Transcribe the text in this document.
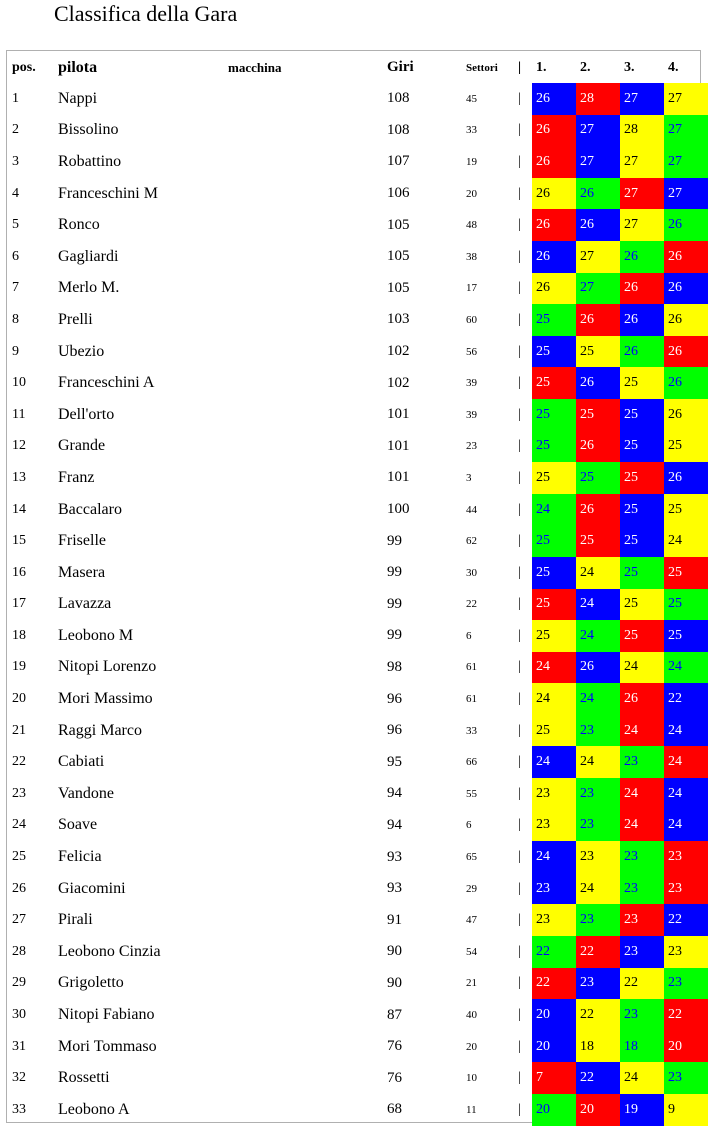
Classifica della Gara
pos.	pilota	macchina	Giri	Settori	|	1.	2.	3.	4.
1	Nappi		108	45	|	26	28	27	27
2	Bissolino		108	33	|	26	27	28	27
3	Robattino		107	19	|	26	27	27	27
4	Franceschini M		106	20	|	26	26	27	27
5	Ronco		105	48	|	26	26	27	26
6	Gagliardi		105	38	|	26	27	26	26
7	Merlo M.		105	17	|	26	27	26	26
8	Prelli		103	60	|	25	26	26	26
9	Ubezio		102	56	|	25	25	26	26
10	Franceschini A		102	39	|	25	26	25	26
11	Dell'orto		101	39	|	25	25	25	26
12	Grande		101	23	|	25	26	25	25
13	Franz		101	3	|	25	25	25	26
14	Baccalaro		100	44	|	24	26	25	25
15	Friselle		99	62	|	25	25	25	24
16	Masera		99	30	|	25	24	25	25
17	Lavazza		99	22	|	25	24	25	25
18	Leobono M		99	6	|	25	24	25	25
19	Nitopi Lorenzo		98	61	|	24	26	24	24
20	Mori Massimo		96	61	|	24	24	26	22
21	Raggi Marco		96	33	|	25	23	24	24
22	Cabiati		95	66	|	24	24	23	24
23	Vandone		94	55	|	23	23	24	24
24	Soave		94	6	|	23	23	24	24
25	Felicia		93	65	|	24	23	23	23
26	Giacomini		93	29	|	23	24	23	23
27	Pirali		91	47	|	23	23	23	22
28	Leobono Cinzia		90	54	|	22	22	23	23
29	Grigoletto		90	21	|	22	23	22	23
30	Nitopi Fabiano		87	40	|	20	22	23	22
31	Mori Tommaso		76	20	|	20	18	18	20
32	Rossetti		76	10	|	7	22	24	23
33	Leobono A		68	11	|	20	20	19	9
